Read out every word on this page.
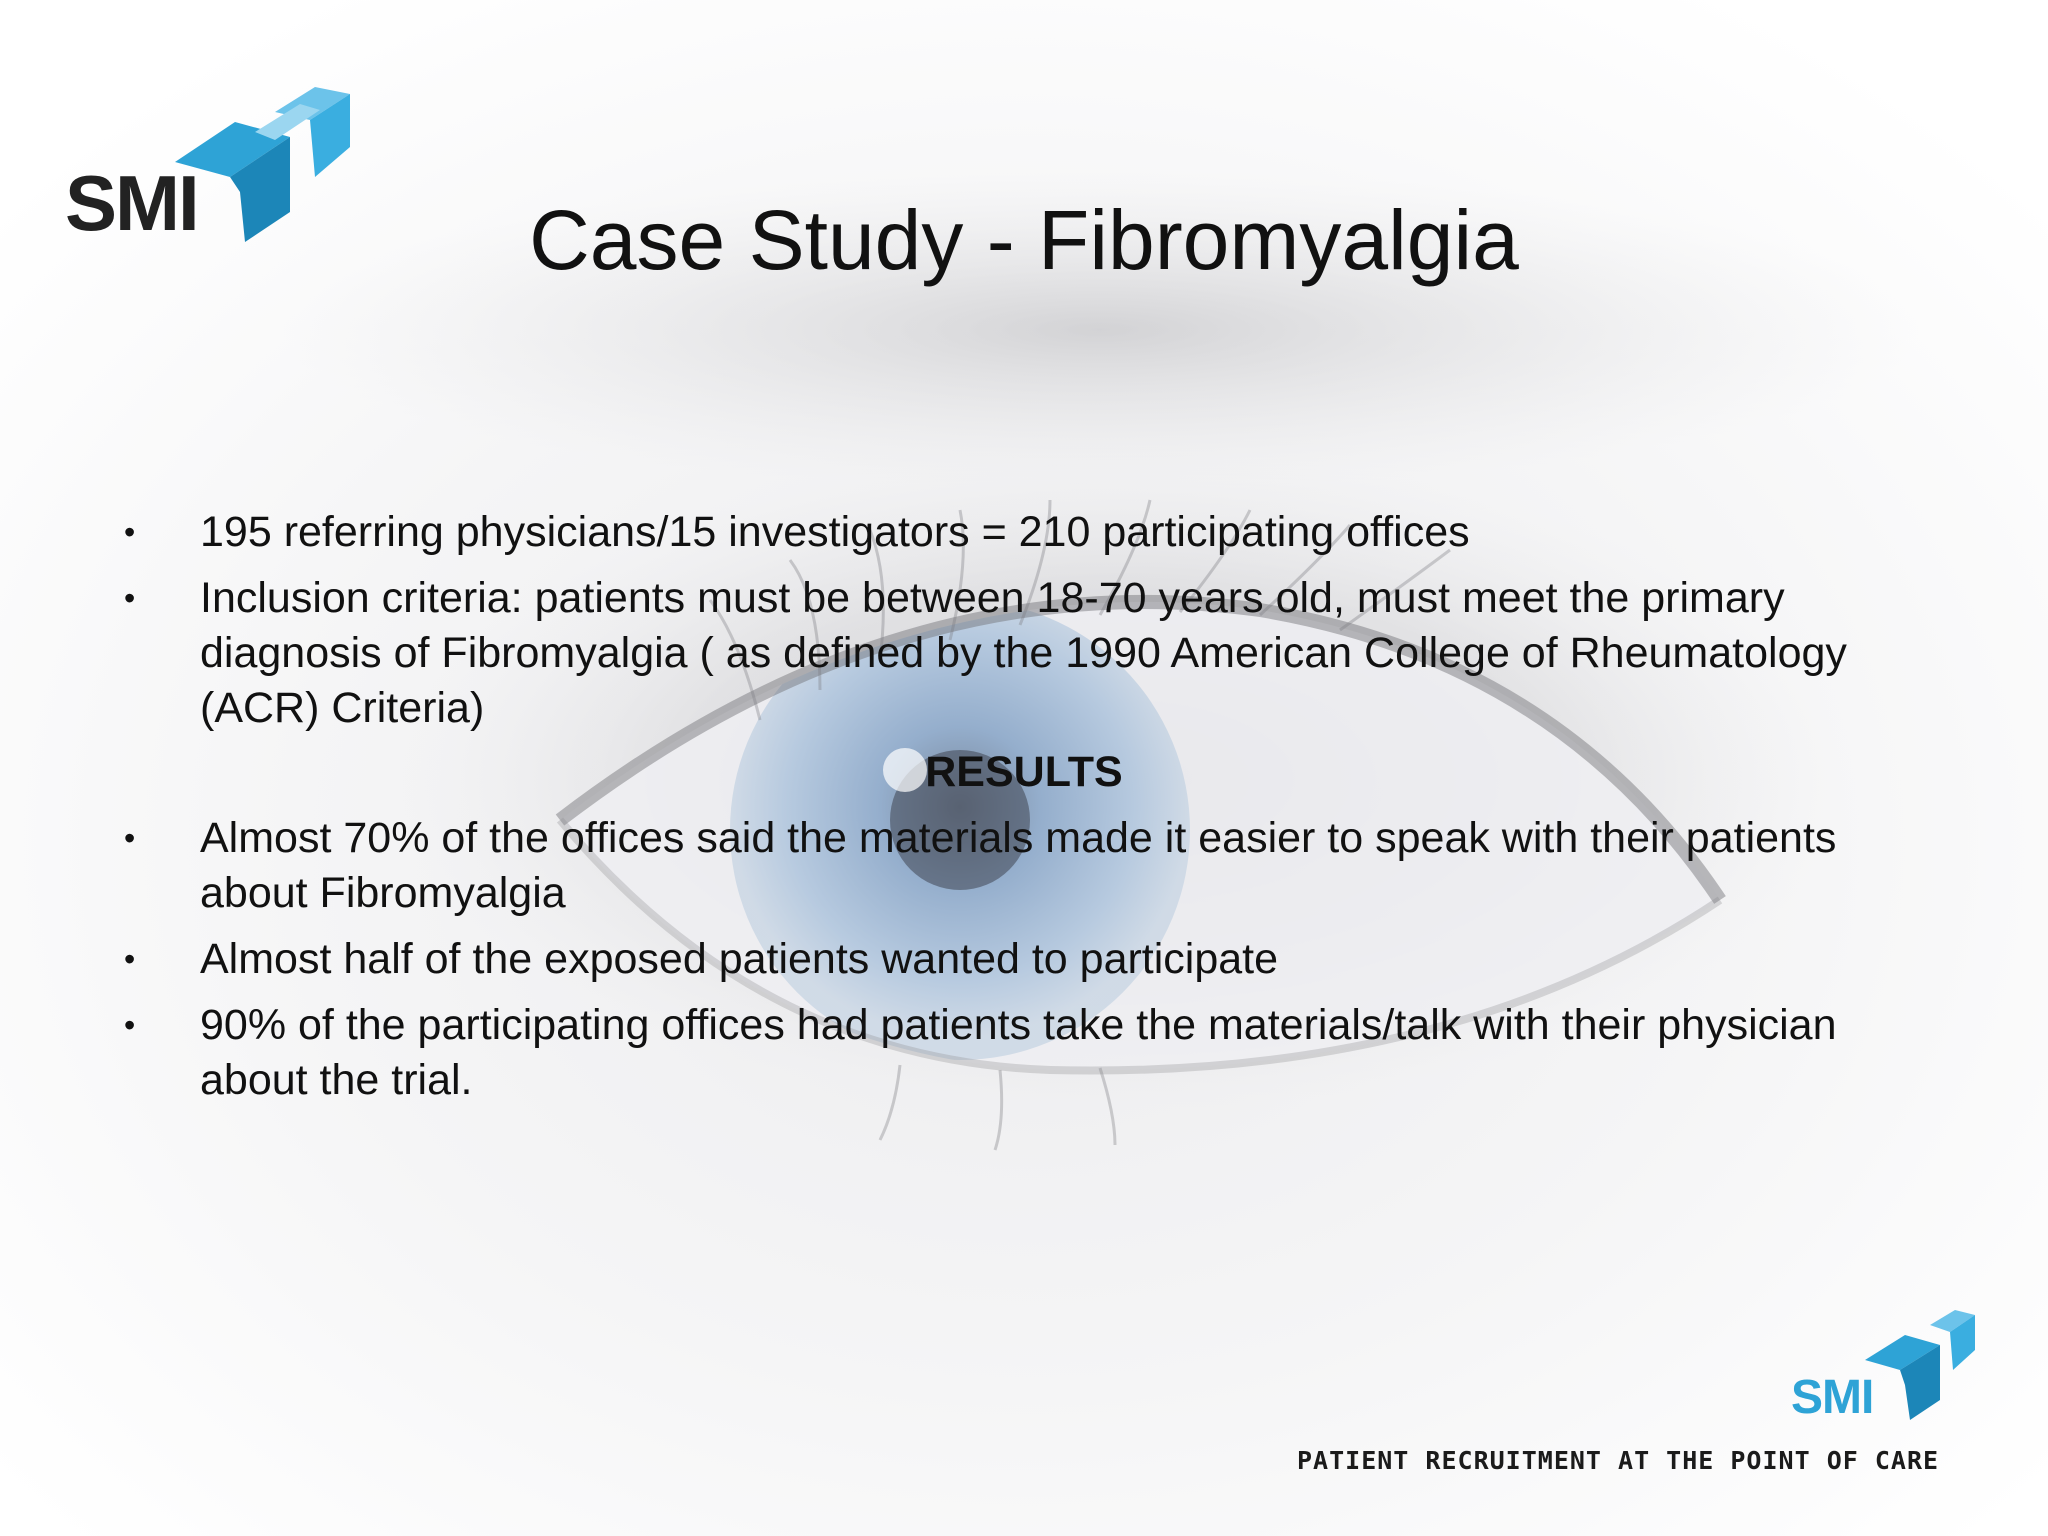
SMI	Case Study - Fibromyalgia
• 195 referring physicians/15 investigators = 210 participating offices
• Inclusion criteria: patients must be between 18-70 years old, must meet the primary diagnosis of Fibromyalgia ( as defined by the 1990 American College of Rheumatology (ACR) Criteria)
RESULTS
• Almost 70% of the offices said the materials made it easier to speak with their patients about Fibromyalgia
• Almost half of the exposed patients wanted to participate
• 90% of the participating offices had patients take the materials/talk with their physician about the trial.
SMI
PATIENT RECRUITMENT AT THE POINT OF CARE
